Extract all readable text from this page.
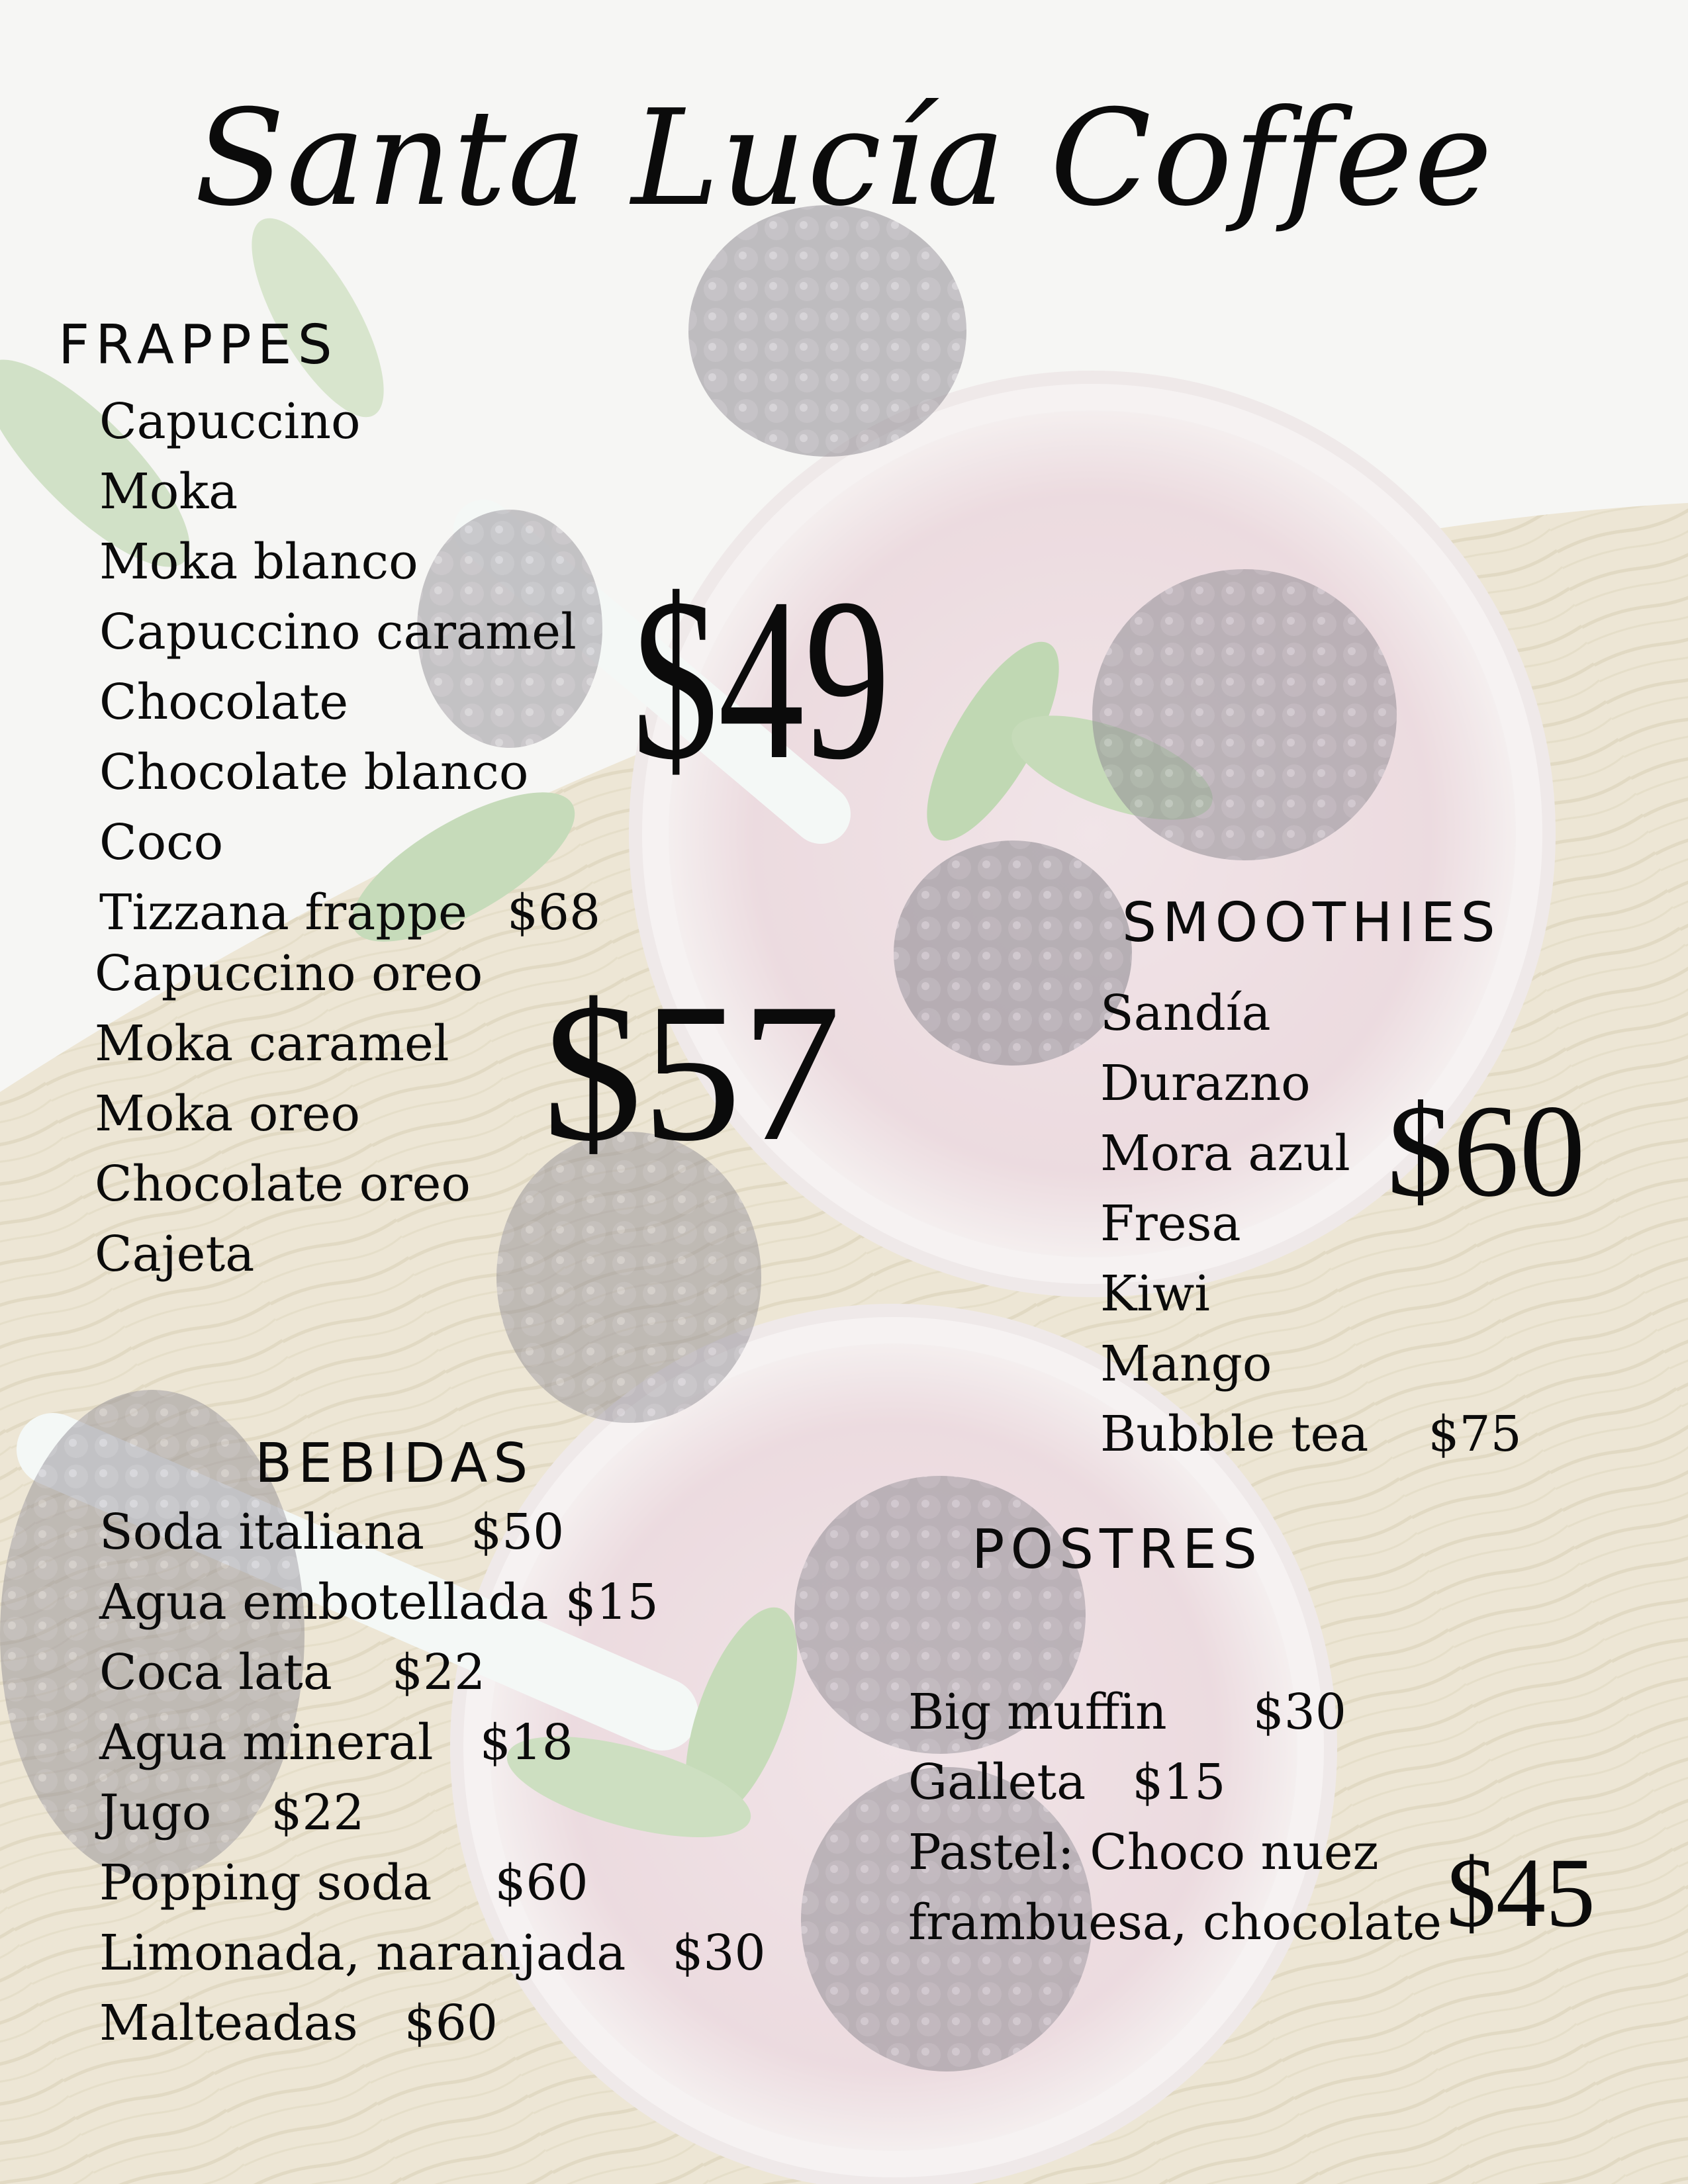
Santa Lucía Coffee
FRAPPES
Capuccino
Moka
Moka blanco
Capuccino caramel
Chocolate
Chocolate blanco
Coco
Tizzana frappe $68
$49
Capuccino oreo
Moka caramel
Moka oreo
Chocolate oreo
Cajeta
$57
SMOOTHIES
Sandía
Durazno
Mora azul
Fresa
Kiwi
Mango
Bubble tea $75
$60
BEBIDAS
Soda italiana $50
Agua embotellada $15
Coca lata $22
Agua mineral $18
Jugo $22
Popping soda $60
Limonada, naranjada $30
Malteadas $60
POSTRES
Big muffin $30
Galleta $15
Pastel: Choco nuez
frambuesa, chocolate $45
